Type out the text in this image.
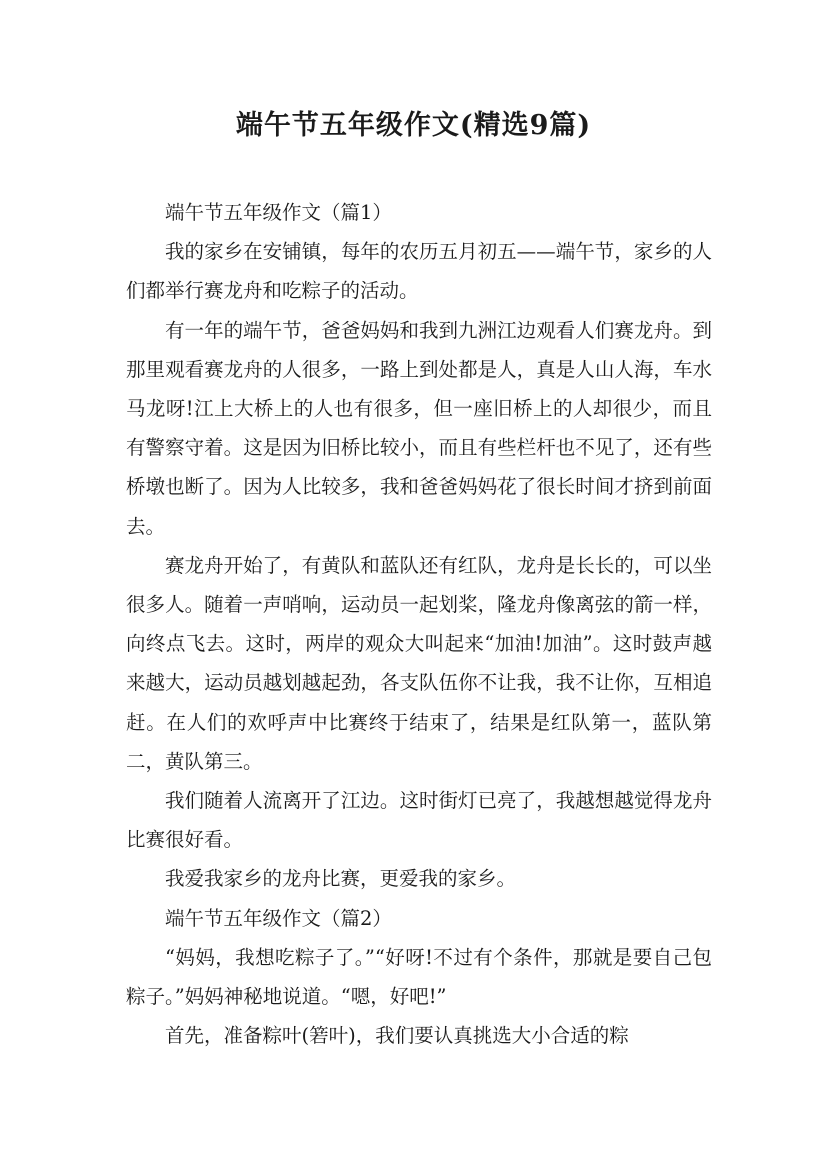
端午节五年级作文(精选9篇)

端午节五年级作文（篇1）

我的家乡在安铺镇，每年的农历五月初五——端午节，家乡的人们都举行赛龙舟和吃粽子的活动。

有一年的端午节，爸爸妈妈和我到九洲江边观看人们赛龙舟。到那里观看赛龙舟的人很多，一路上到处都是人，真是人山人海，车水马龙呀!江上大桥上的人也有很多，但一座旧桥上的人却很少，而且有警察守着。这是因为旧桥比较小，而且有些栏杆也不见了，还有些桥墩也断了。因为人比较多，我和爸爸妈妈花了很长时间才挤到前面去。

赛龙舟开始了，有黄队和蓝队还有红队，龙舟是长长的，可以坐很多人。随着一声哨响，运动员一起划桨，隆龙舟像离弦的箭一样，向终点飞去。这时，两岸的观众大叫起来“加油!加油”。这时鼓声越来越大，运动员越划越起劲，各支队伍你不让我，我不让你，互相追赶。在人们的欢呼声中比赛终于结束了，结果是红队第一，蓝队第二，黄队第三。

我们随着人流离开了江边。这时街灯已亮了，我越想越觉得龙舟比赛很好看。

我爱我家乡的龙舟比赛，更爱我的家乡。

端午节五年级作文（篇2）

“妈妈，我想吃粽子了。”“好呀!不过有个条件，那就是要自己包粽子。”妈妈神秘地说道。“嗯，好吧!”

首先，准备粽叶(箬叶)，我们要认真挑选大小合适的粽
